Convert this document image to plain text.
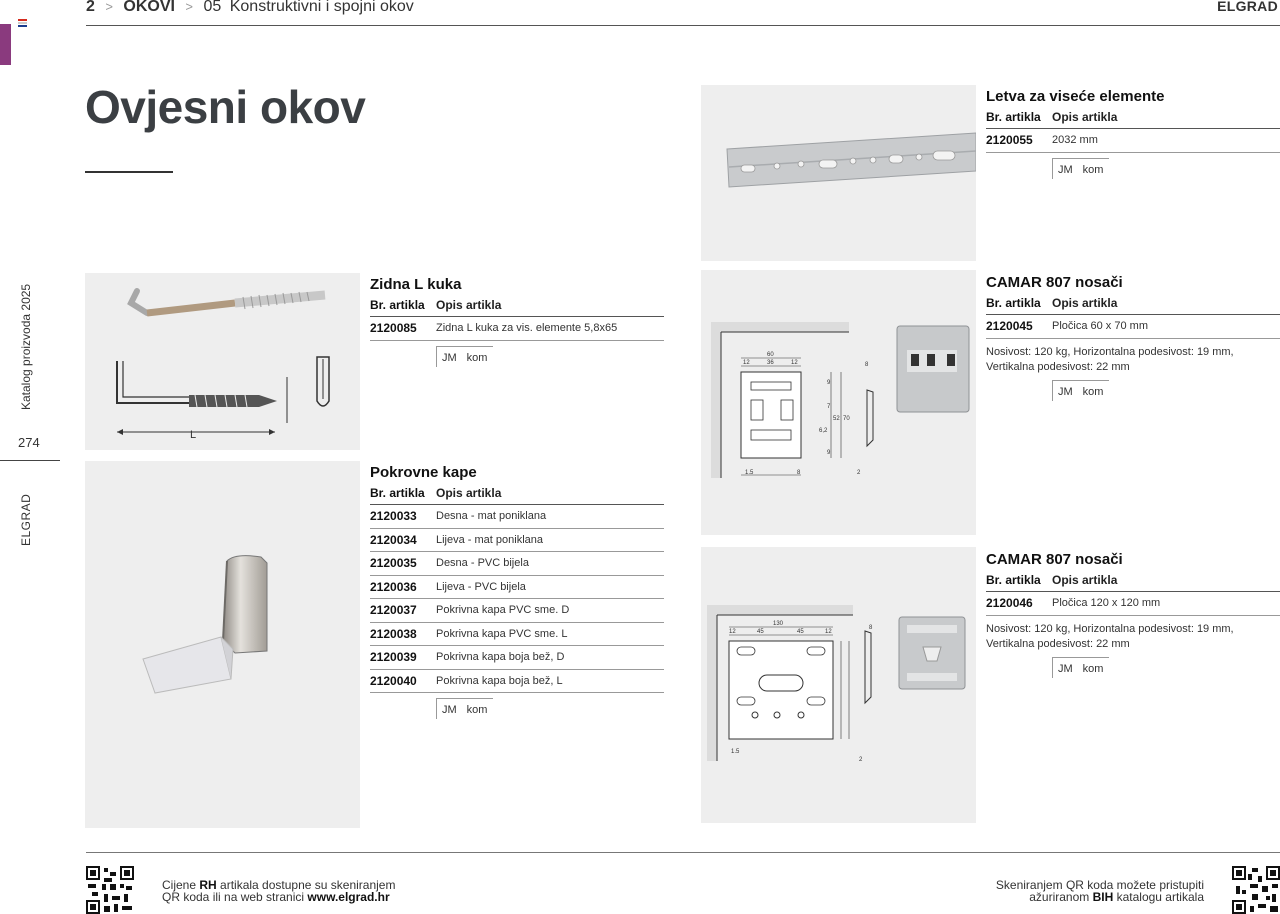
2 > OKOVI > 05 Konstruktivni i spojni okov	ELGRAD
Katalog proizvoda 2025
274
ELGRAD
Ovjesni okov
L
60
12	36	12	8
9
7
52 70
6,2
9
1.5	8	2
130
12	45	45	12
8
1.5
2
Zidna L kuka
Br. artikla Opis artikla
2120085	Zidna L kuka za vis. elemente 5,8x65
JM kom
Pokrovne kape
Br. artikla Opis artikla
2120033	Desna - mat poniklana
2120034	Lijeva - mat poniklana
2120035	Desna - PVC bijela
2120036	Lijeva - PVC bijela
2120037	Pokrivna kapa PVC sme. D
2120038	Pokrivna kapa PVC sme. L
2120039	Pokrivna kapa boja bež, D
2120040	Pokrivna kapa boja bež, L
JM kom
Letva za viseće elemente
Br. artikla Opis artikla
2120055	2032 mm
JM kom
CAMAR 807 nosači
Br. artikla Opis artikla
2120045	Pločica 60 x 70 mm
Nosivost: 120 kg, Horizontalna podesivost: 19 mm, Vertikalna podesivost: 22 mm
JM kom
CAMAR 807 nosači
Br. artikla Opis artikla
2120046	Pločica 120 x 120 mm
Nosivost: 120 kg, Horizontalna podesivost: 19 mm, Vertikalna podesivost: 22 mm
JM kom
Cijene RH artikala dostupne su skeniranjem
QR koda ili na web stranici www.elgrad.hr
Skeniranjem QR koda možete pristupiti
ažuriranom BIH katalogu artikala
